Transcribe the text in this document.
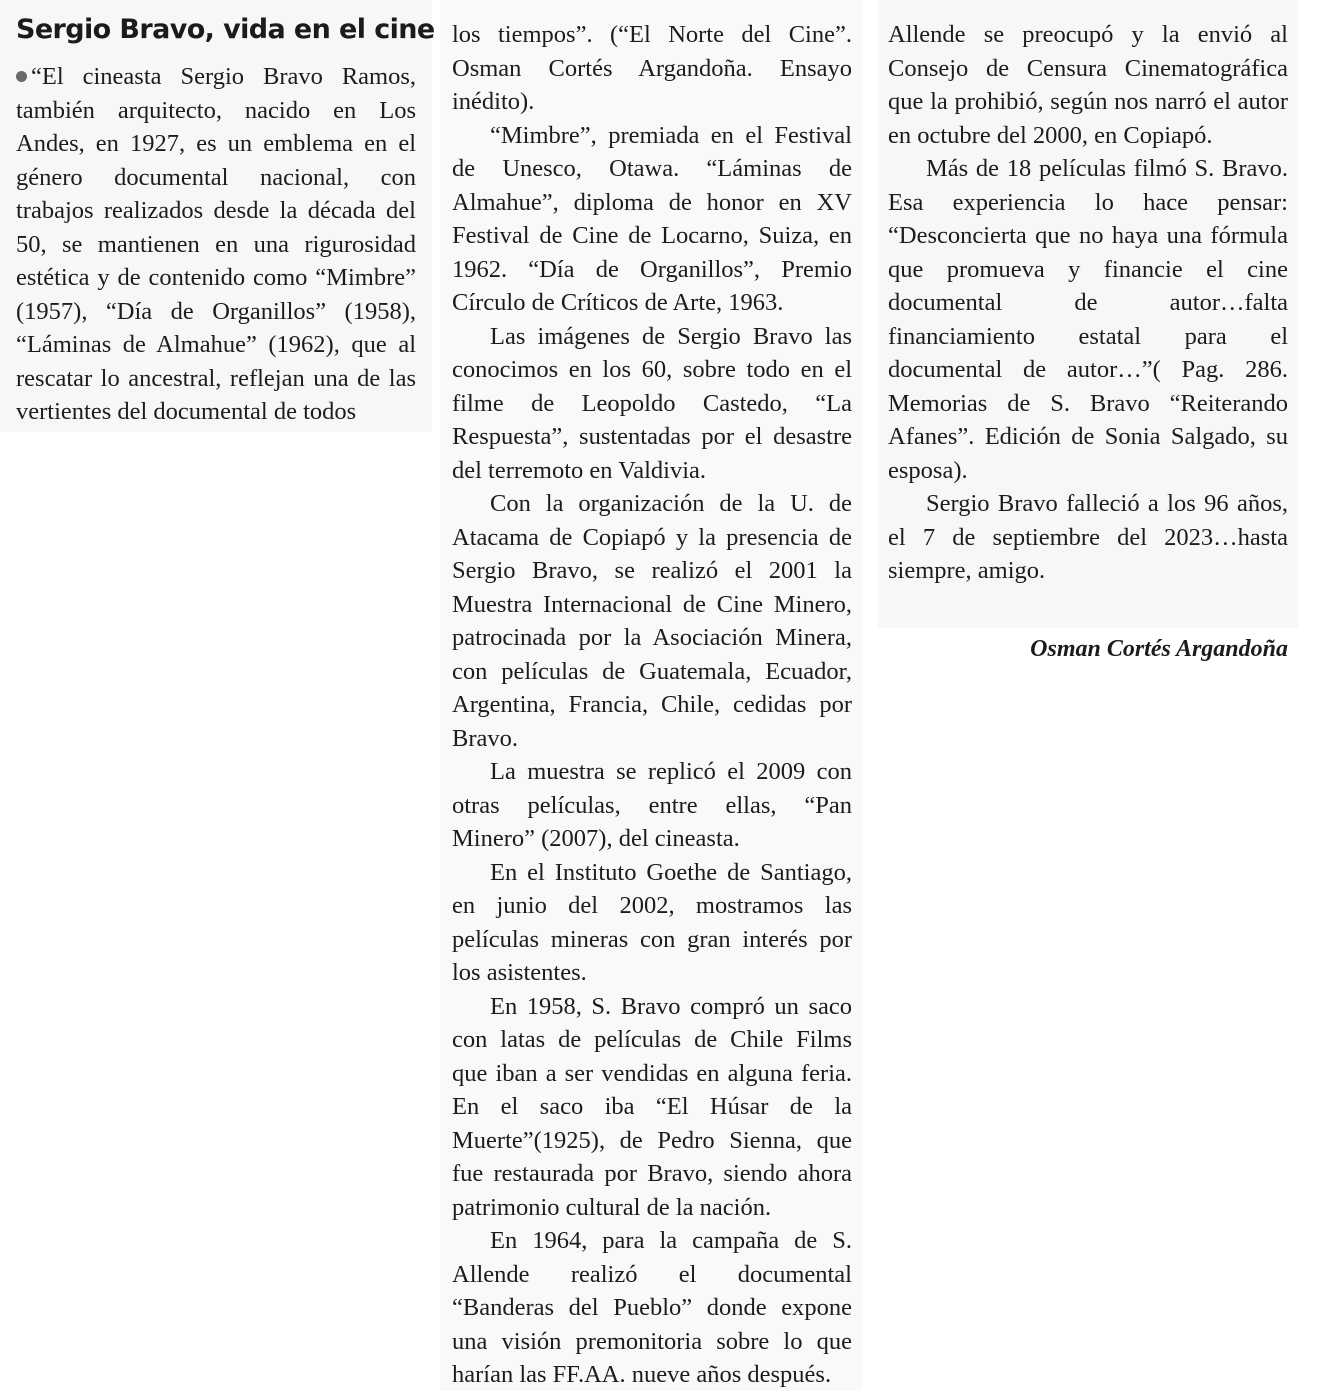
Sergio Bravo, vida en el cine

“El cineasta Sergio Bravo Ramos, también arquitecto, nacido en Los Andes, en 1927, es un emblema en el género documental nacional, con trabajos realizados desde la década del 50, se mantienen en una rigurosidad estética y de contenido como “Mimbre” (1957), “Día de Organillos” (1958), “Láminas de Almahue” (1962), que al rescatar lo ancestral, reflejan una de las vertientes del documental de todos

los tiempos”. (“El Norte del Cine”. Osman Cortés Argandoña. Ensayo inédito).

“Mimbre”, premiada en el Festival de Unesco, Otawa. “Láminas de Almahue”, diploma de honor en XV Festival de Cine de Locarno, Suiza, en 1962. “Día de Organillos”, Premio Círculo de Críticos de Arte, 1963.

Las imágenes de Sergio Bravo las conocimos en los 60, sobre todo en el filme de Leopoldo Castedo, “La Respuesta”, sustentadas por el desastre del terremoto en Valdivia.

Con la organización de la U. de Atacama de Copiapó y la presencia de Sergio Bravo, se realizó el 2001 la Muestra Internacional de Cine Minero, patrocinada por la Asociación Minera, con películas de Guatemala, Ecuador, Argentina, Francia, Chile, cedidas por Bravo.

La muestra se replicó el 2009 con otras películas, entre ellas, “Pan Minero” (2007), del cineasta.

En el Instituto Goethe de Santiago, en junio del 2002, mostramos las películas mineras con gran interés por los asistentes.

En 1958, S. Bravo compró un saco con latas de películas de Chile Films que iban a ser vendidas en alguna feria. En el saco iba “El Húsar de la Muerte”(1925), de Pedro Sienna, que fue restaurada por Bravo, siendo ahora patrimonio cultural de la nación.

En 1964, para la campaña de S. Allende realizó el documental “Banderas del Pueblo” donde expone una visión premonitoria sobre lo que harían las FF.AA. nueve años después.

Allende se preocupó y la envió al Consejo de Censura Cinematográfica que la prohibió, según nos narró el autor en octubre del 2000, en Copiapó.

Más de 18 películas filmó S. Bravo. Esa experiencia lo hace pensar: “Desconcierta que no haya una fórmula que promueva y financie el cine documental de autor…falta financiamiento estatal para el documental de autor…”( Pag. 286. Memorias de S. Bravo “Reiterando Afanes”. Edición de Sonia Salgado, su esposa).

Sergio Bravo falleció a los 96 años, el 7 de septiembre del 2023…hasta siempre, amigo.

Osman Cortés Argandoña
